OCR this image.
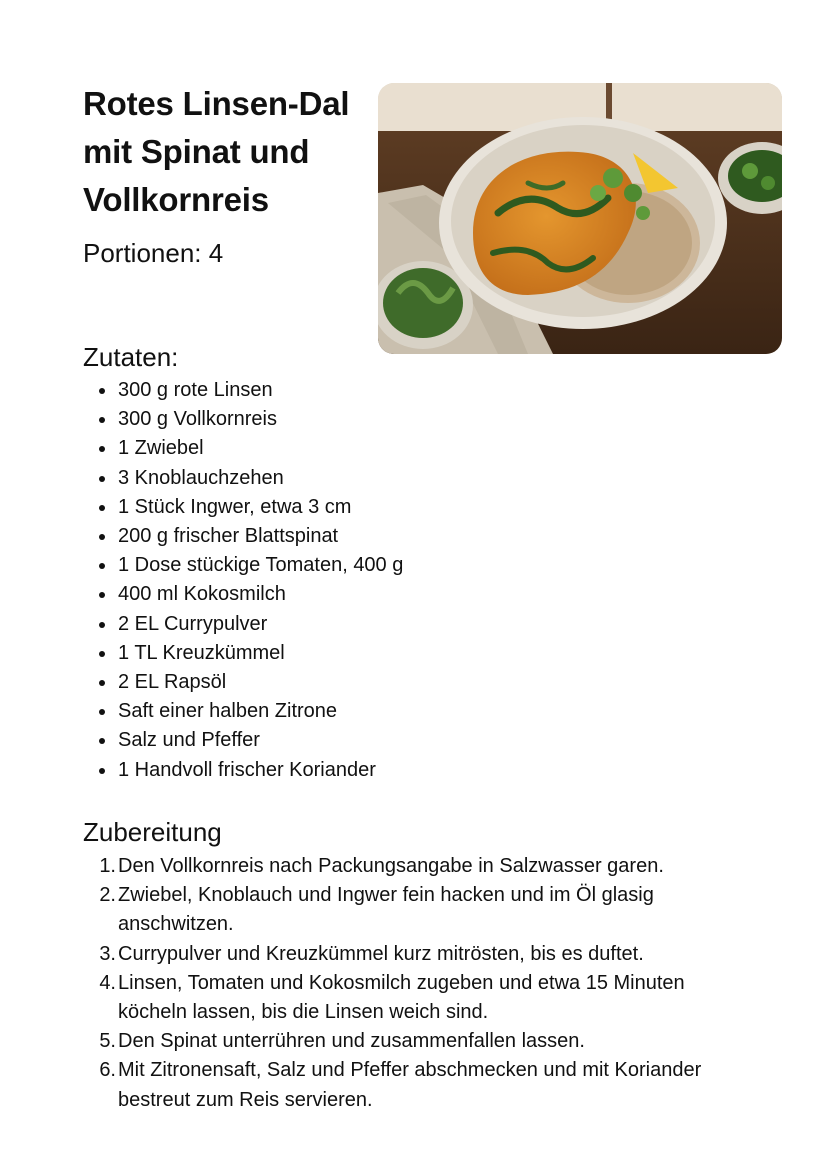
Rotes Linsen-Dal mit Spinat und Vollkornreis
Portionen: 4
Zutaten:
300 g rote Linsen
300 g Vollkornreis
1 Zwiebel
3 Knoblauchzehen
1 Stück Ingwer, etwa 3 cm
200 g frischer Blattspinat
1 Dose stückige Tomaten, 400 g
400 ml Kokosmilch
2 EL Currypulver
1 TL Kreuzkümmel
2 EL Rapsöl
Saft einer halben Zitrone
Salz und Pfeffer
1 Handvoll frischer Koriander
Zubereitung
1. Den Vollkornreis nach Packungsangabe in Salzwasser garen.
2. Zwiebel, Knoblauch und Ingwer fein hacken und im Öl glasig anschwitzen.
3. Currypulver und Kreuzkümmel kurz mitrösten, bis es duftet.
4. Linsen, Tomaten und Kokosmilch zugeben und etwa 15 Minuten köcheln lassen, bis die Linsen weich sind.
5. Den Spinat unterrühren und zusammenfallen lassen.
6. Mit Zitronensaft, Salz und Pfeffer abschmecken und mit Koriander bestreut zum Reis servieren.
